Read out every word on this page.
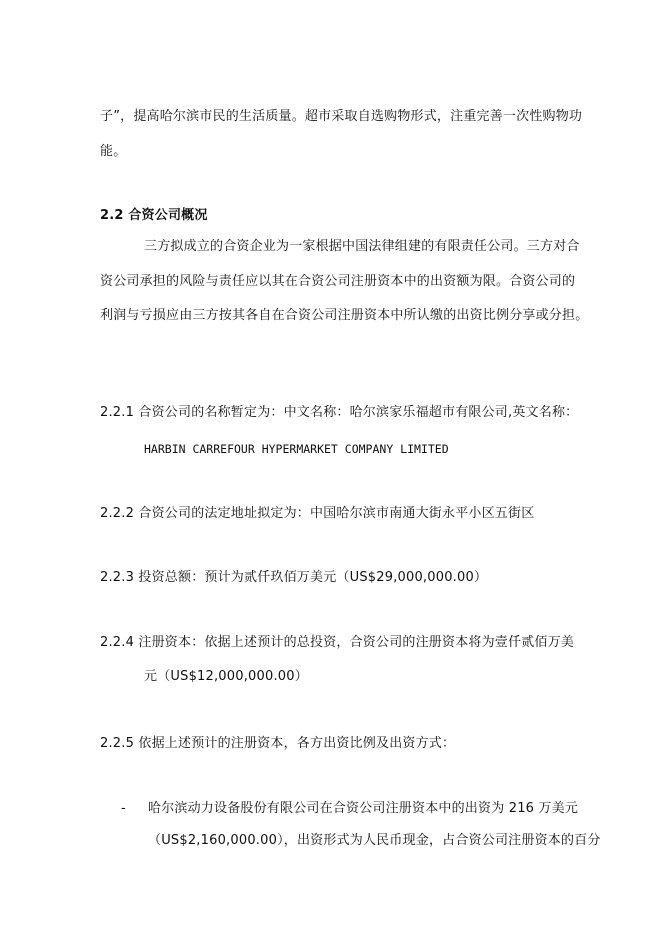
子”，提高哈尔滨市民的生活质量。超市采取自选购物形式，注重完善一次性购物功
能。
2.2 合资公司概况
三方拟成立的合资企业为一家根据中国法律组建的有限责任公司。三方对合
资公司承担的风险与责任应以其在合资公司注册资本中的出资额为限。合资公司的
利润与亏损应由三方按其各自在合资公司注册资本中所认缴的出资比例分享或分担。
2.2.1 合资公司的名称暂定为：中文名称：哈尔滨家乐福超市有限公司,英文名称：
HARBIN CARREFOUR HYPERMARKET COMPANY LIMITED
2.2.2 合资公司的法定地址拟定为：中国哈尔滨市南通大街永平小区五街区
2.2.3 投资总额：预计为贰仟玖佰万美元（US$29,000,000.00）
2.2.4 注册资本：依据上述预计的总投资，合资公司的注册资本将为壹仟贰佰万美
元（US$12,000,000.00）
2.2.5 依据上述预计的注册资本，各方出资比例及出资方式：
- 哈尔滨动力设备股份有限公司在合资公司注册资本中的出资为 216 万美元
（US$2,160,000.00），出资形式为人民币现金，占合资公司注册资本的百分
